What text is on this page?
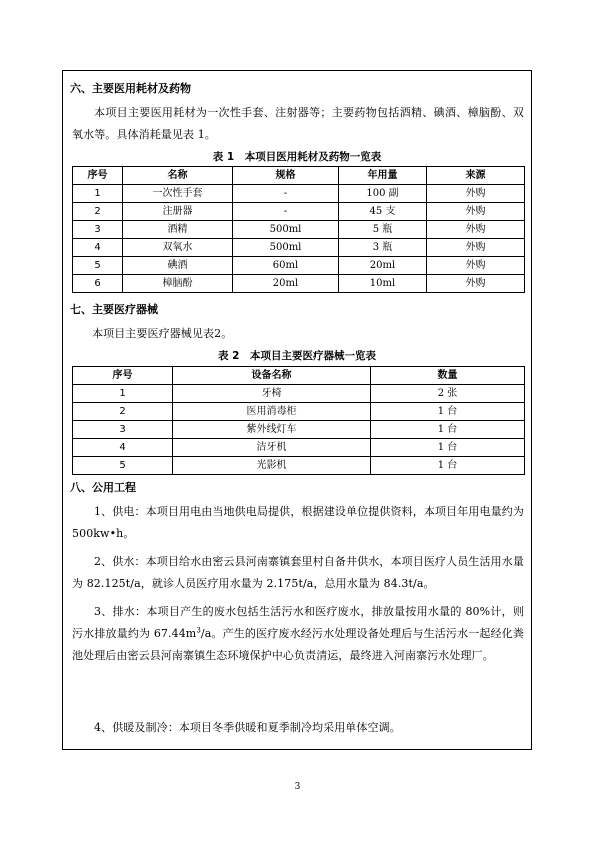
六、主要医用耗材及药物

本项目主要医用耗材为一次性手套、注射器等；主要药物包括酒精、碘酒、樟脑酚、双氧水等。具体消耗量见表 1。

表 1　本项目医用耗材及药物一览表
序号	名称	规格	年用量	来源
1	一次性手套	-	100 副	外购
2	注册器	-	45 支	外购
3	酒精	500ml	5 瓶	外购
4	双氧水	500ml	3 瓶	外购
5	碘酒	60ml	20ml	外购
6	樟脑酚	20ml	10ml	外购
七、主要医疗器械

本项目主要医疗器械见表2。

表 2　本项目主要医疗器械一览表
序号	设备名称	数量
1	牙椅	2 张
2	医用消毒柜	1 台
3	紫外线灯车	1 台
4	洁牙机	1 台
5	光影机	1 台
八、公用工程

1、供电：本项目用电由当地供电局提供，根据建设单位提供资料，本项目年用电量约为 500kw•h。

2、供水：本项目给水由密云县河南寨镇套里村自备井供水，本项目医疗人员生活用水量为 82.125t/a，就诊人员医疗用水量为 2.175t/a，总用水量为 84.3t/a。

3、排水：本项目产生的废水包括生活污水和医疗废水，排放量按用水量的 80%计，则污水排放量约为 $67.44m^3/a$。产生的医疗废水经污水处理设备处理后与生活污水一起经化粪池处理后由密云县河南寨镇生态环境保护中心负责清运，最终进入河南寨污水处理厂。

4、供暖及制冷：本项目冬季供暖和夏季制冷均采用单体空调。

3
